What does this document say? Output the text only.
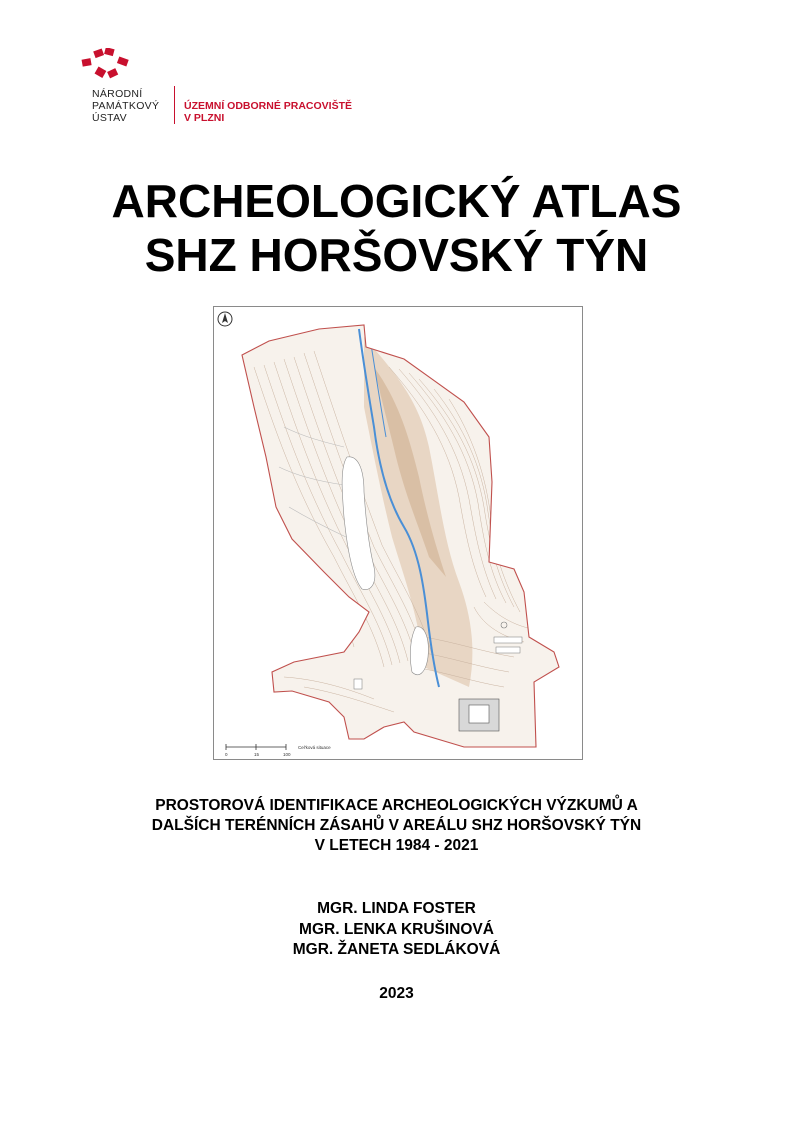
NÁRODNÍ
PAMÁTKOVÝ
ÚSTAV
ÚZEMNÍ ODBORNÉ PRACOVIŠTĚ
V PLZNI
ARCHEOLOGICKÝ ATLAS
SHZ HORŠOVSKÝ TÝN
0	15	100
Cel'ková situace
PROSTOROVÁ IDENTIFIKACE ARCHEOLOGICKÝCH VÝZKUMŮ A
DALŠÍCH TERÉNNÍCH ZÁSAHŮ V AREÁLU SHZ HORŠOVSKÝ TÝN
V LETECH 1984 - 2021
MGR. LINDA FOSTER
MGR. LENKA KRUŠINOVÁ
MGR. ŽANETA SEDLÁKOVÁ
2023
